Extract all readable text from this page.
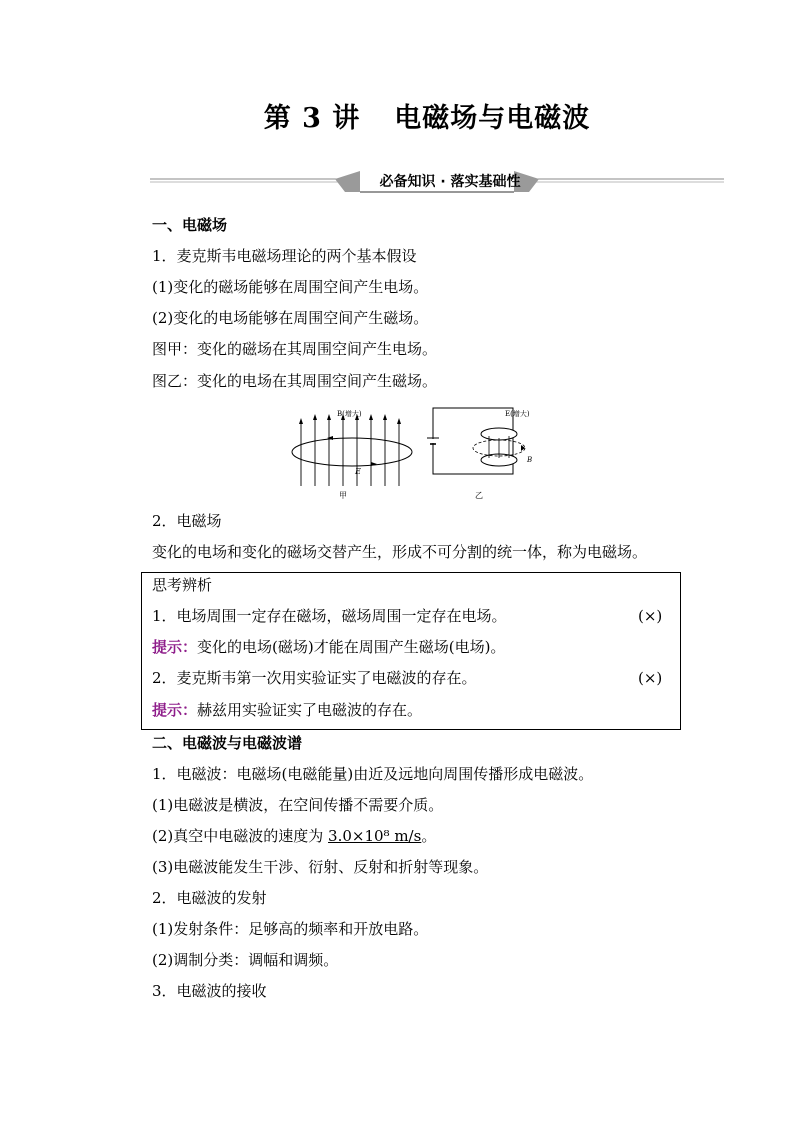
第 3 讲 电磁场与电磁波
必备知识 · 落实基础性
一、电磁场
1．麦克斯韦电磁场理论的两个基本假设
(1)变化的磁场能够在周围空间产生电场。
(2)变化的电场能够在周围空间产生磁场。
图甲：变化的磁场在其周围空间产生电场。
图乙：变化的电场在其周围空间产生磁场。
B(增大)
E
甲
E(增大)
B
乙
2．电磁场
变化的电场和变化的磁场交替产生，形成不可分割的统一体，称为电磁场。
思考辨析
1．电场周围一定存在磁场，磁场周围一定存在电场。	(×)
提示：变化的电场(磁场)才能在周围产生磁场(电场)。
2．麦克斯韦第一次用实验证实了电磁波的存在。	(×)
提示：赫兹用实验证实了电磁波的存在。
二、电磁波与电磁波谱
1．电磁波：电磁场(电磁能量)由近及远地向周围传播形成电磁波。
(1)电磁波是横波，在空间传播不需要介质。
(2)真空中电磁波的速度为 3.0×10⁸ m/s。
(3)电磁波能发生干涉、衍射、反射和折射等现象。
2．电磁波的发射
(1)发射条件：足够高的频率和开放电路。
(2)调制分类：调幅和调频。
3．电磁波的接收
